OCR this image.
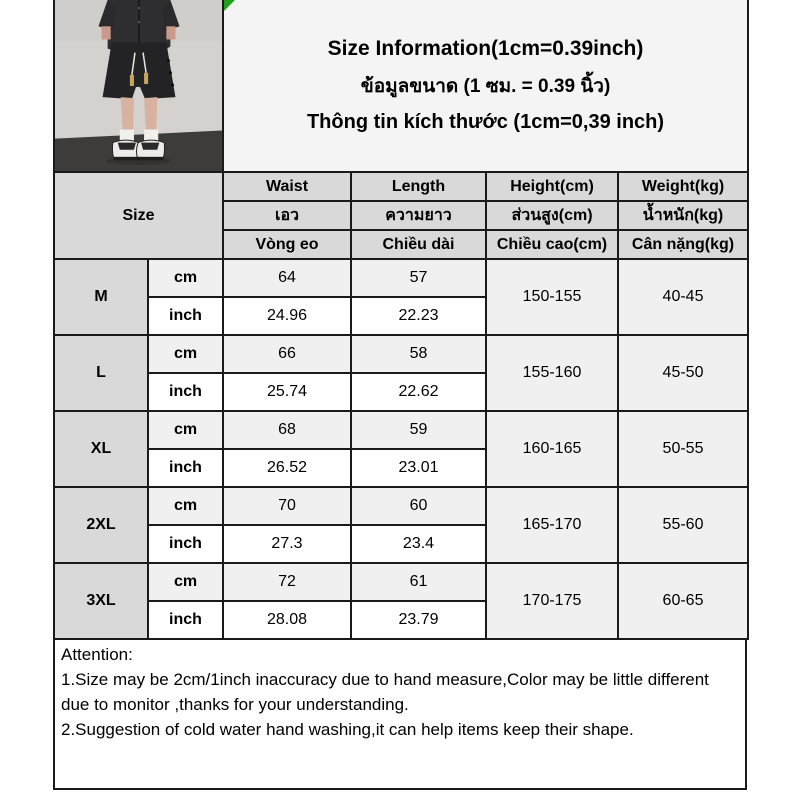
Size Information(1cm=0.39inch)
ข้อมูลขนาด (1 ซม. = 0.39 นิ้ว)
Thông tin kích thước (1cm=0,39 inch)			

Size		Waist	Length	Height(cm)	Weight(kg)
		เอว	ความยาว	ส่วนสูง(cm)	น้ำหนัก(kg)
		Vòng eo	Chiều dài	Chiều cao(cm)	Cân nặng(kg)
M	cm	64	57	150-155	40-45
	inch	24.96	22.23		
L	cm	66	58	155-160	45-50
	inch	25.74	22.62		
XL	cm	68	59	160-165	50-55
	inch	26.52	23.01		
2XL	cm	70	60	165-170	55-60
	inch	27.3	23.4		
3XL	cm	72	61	170-175	60-65
	inch	28.08	23.79		

Attention:

1.Size may be 2cm/1inch inaccuracy due to hand measure,Color may be little different due to monitor ,thanks for your understanding.

2.Suggestion of cold water hand washing,it can help items keep their shape.
